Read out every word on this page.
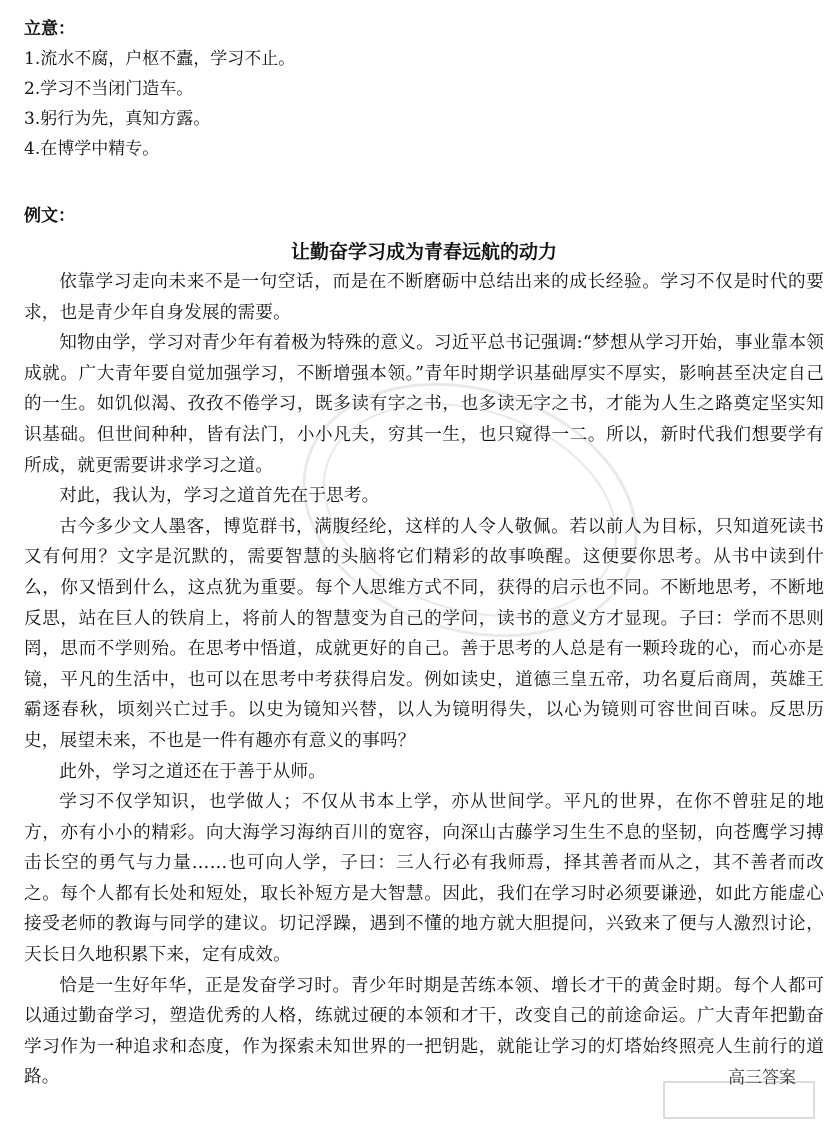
立意：
1.流水不腐，户枢不蠹，学习不止。
2.学习不当闭门造车。
3.躬行为先，真知方露。
4.在博学中精专。
例文：
让勤奋学习成为青春远航的动力

依靠学习走向未来不是一句空话，而是在不断磨砺中总结出来的成长经验。学习不仅是时代的要求，也是青少年自身发展的需要。

知物由学，学习对青少年有着极为特殊的意义。习近平总书记强调:“梦想从学习开始，事业靠本领成就。广大青年要自觉加强学习，不断增强本领。”青年时期学识基础厚实不厚实，影响甚至决定自己的一生。如饥似渴、孜孜不倦学习，既多读有字之书，也多读无字之书，才能为人生之路奠定坚实知识基础。但世间种种，皆有法门，小小凡夫，穷其一生，也只窥得一二。所以，新时代我们想要学有所成，就更需要讲求学习之道。

对此，我认为，学习之道首先在于思考。

古今多少文人墨客，博览群书，满腹经纶，这样的人令人敬佩。若以前人为目标，只知道死读书又有何用？文字是沉默的，需要智慧的头脑将它们精彩的故事唤醒。这便要你思考。从书中读到什么，你又悟到什么，这点犹为重要。每个人思维方式不同，获得的启示也不同。不断地思考，不断地反思，站在巨人的铁肩上，将前人的智慧变为自己的学问，读书的意义方才显现。子曰：学而不思则罔，思而不学则殆。在思考中悟道，成就更好的自己。善于思考的人总是有一颗玲珑的心，而心亦是镜，平凡的生活中，也可以在思考中考获得启发。例如读史，道德三皇五帝，功名夏后商周，英雄王霸逐春秋，顷刻兴亡过手。以史为镜知兴替，以人为镜明得失，以心为镜则可容世间百味。反思历史，展望未来，不也是一件有趣亦有意义的事吗？

此外，学习之道还在于善于从师。

学习不仅学知识，也学做人；不仅从书本上学，亦从世间学。平凡的世界，在你不曾驻足的地方，亦有小小的精彩。向大海学习海纳百川的宽容，向深山古藤学习生生不息的坚韧，向苍鹰学习搏击长空的勇气与力量……也可向人学，子曰：三人行必有我师焉，择其善者而从之，其不善者而改之。每个人都有长处和短处，取长补短方是大智慧。因此，我们在学习时必须要谦逊，如此方能虚心接受老师的教诲与同学的建议。切记浮躁，遇到不懂的地方就大胆提问，兴致来了便与人激烈讨论，天长日久地积累下来，定有成效。

恰是一生好年华，正是发奋学习时。青少年时期是苦练本领、增长才干的黄金时期。每个人都可以通过勤奋学习，塑造优秀的人格，练就过硬的本领和才干，改变自己的前途命运。广大青年把勤奋学习作为一种追求和态度，作为探索未知世界的一把钥匙，就能让学习的灯塔始终照亮人生前行的道路。	高三答案
